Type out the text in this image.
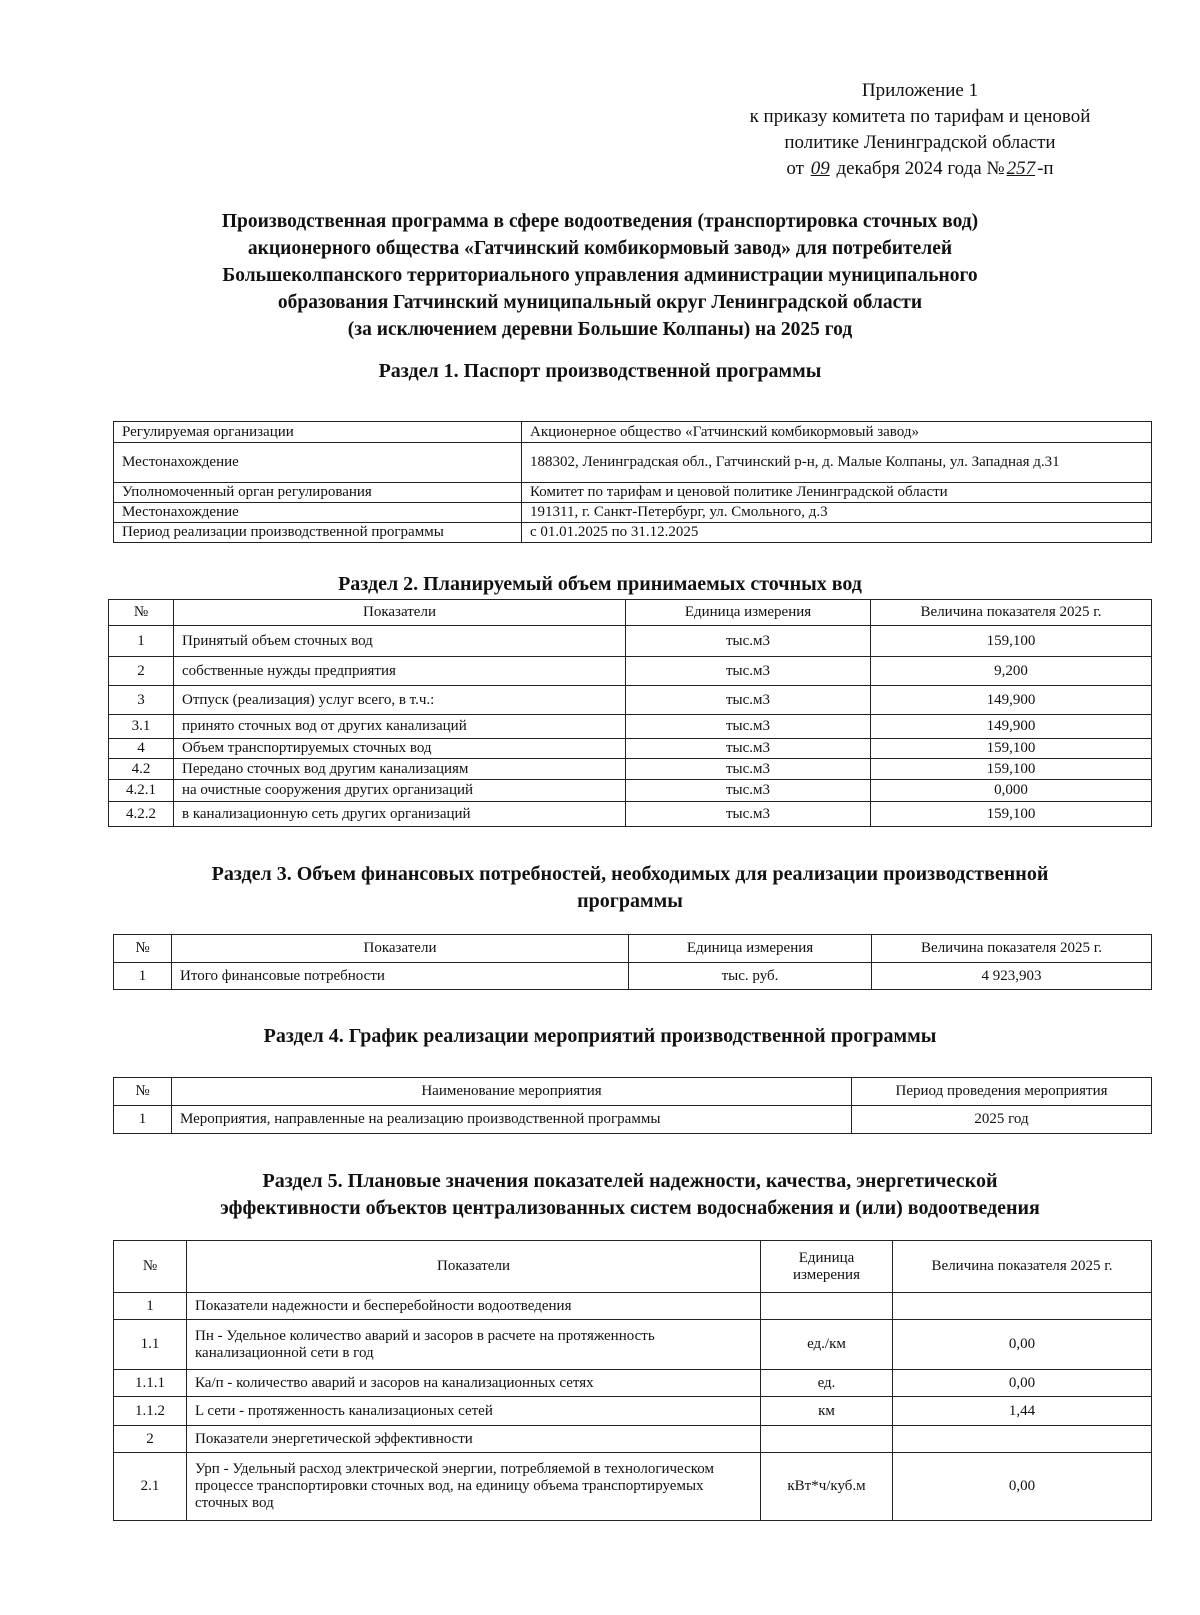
Приложение 1
к приказу комитета по тарифам и ценовой
политике Ленинградской области
от 09 декабря 2024 года № 257 -п
Производственная программа в сфере водоотведения (транспортировка сточных вод)
акционерного общества «Гатчинский комбикормовый завод» для потребителей
Большеколпанского территориального управления администрации муниципального
образования Гатчинский муниципальный округ Ленинградской области
(за исключением деревни Большие Колпаны) на 2025 год
Раздел 1. Паспорт производственной программы
Регулируемая организации	Акционерное общество «Гатчинский комбикормовый завод»
Местонахождение	188302, Ленинградская обл., Гатчинский р-н, д. Малые Колпаны, ул. Западная д.31
Уполномоченный орган регулирования	Комитет по тарифам и ценовой политике Ленинградской области
Местонахождение	191311, г. Санкт-Петербург, ул. Смольного, д.3
Период реализации производственной программы	с 01.01.2025 по 31.12.2025
Раздел 2. Планируемый объем принимаемых сточных вод
№	Показатели	Единица измерения	Величина показателя 2025 г.
1	Принятый объем сточных вод	тыс.м3	159,100
2	собственные нужды предприятия	тыс.м3	9,200
3	Отпуск (реализация) услуг всего, в т.ч.:	тыс.м3	149,900
3.1	принято сточных вод от других канализаций	тыс.м3	149,900
4	Объем транспортируемых сточных вод	тыс.м3	159,100
4.2	Передано сточных вод другим канализациям	тыс.м3	159,100
4.2.1	на очистные сооружения других организаций	тыс.м3	0,000
4.2.2	в канализационную сеть других организаций	тыс.м3	159,100
Раздел 3. Объем финансовых потребностей, необходимых для реализации производственной
программы
№	Показатели	Единица измерения	Величина показателя 2025 г.
1	Итого финансовые потребности	тыс. руб.	4 923,903
Раздел 4. График реализации мероприятий производственной программы
№	Наименование мероприятия	Период проведения мероприятия
1	Мероприятия, направленные на реализацию производственной программы	2025 год
Раздел 5. Плановые значения показателей надежности, качества, энергетической
эффективности объектов централизованных систем водоснабжения и (или) водоотведения
№	Показатели	Единица измерения	Величина показателя 2025 г.
1	Показатели надежности и бесперебойности водоотведения		
1.1	Пн - Удельное количество аварий и засоров в расчете на протяженность канализационной сети в год	ед./км	0,00
1.1.1	Ка/п - количество аварий и засоров на канализационных сетях	ед.	0,00
1.1.2	L сети - протяженность канализационых сетей	км	1,44
2	Показатели энергетической эффективности		
2.1	Урп - Удельный расход электрической энергии, потребляемой в технологическом процессе транспортировки сточных вод, на единицу объема транспортируемых сточных вод	кВт*ч/куб.м	0,00
